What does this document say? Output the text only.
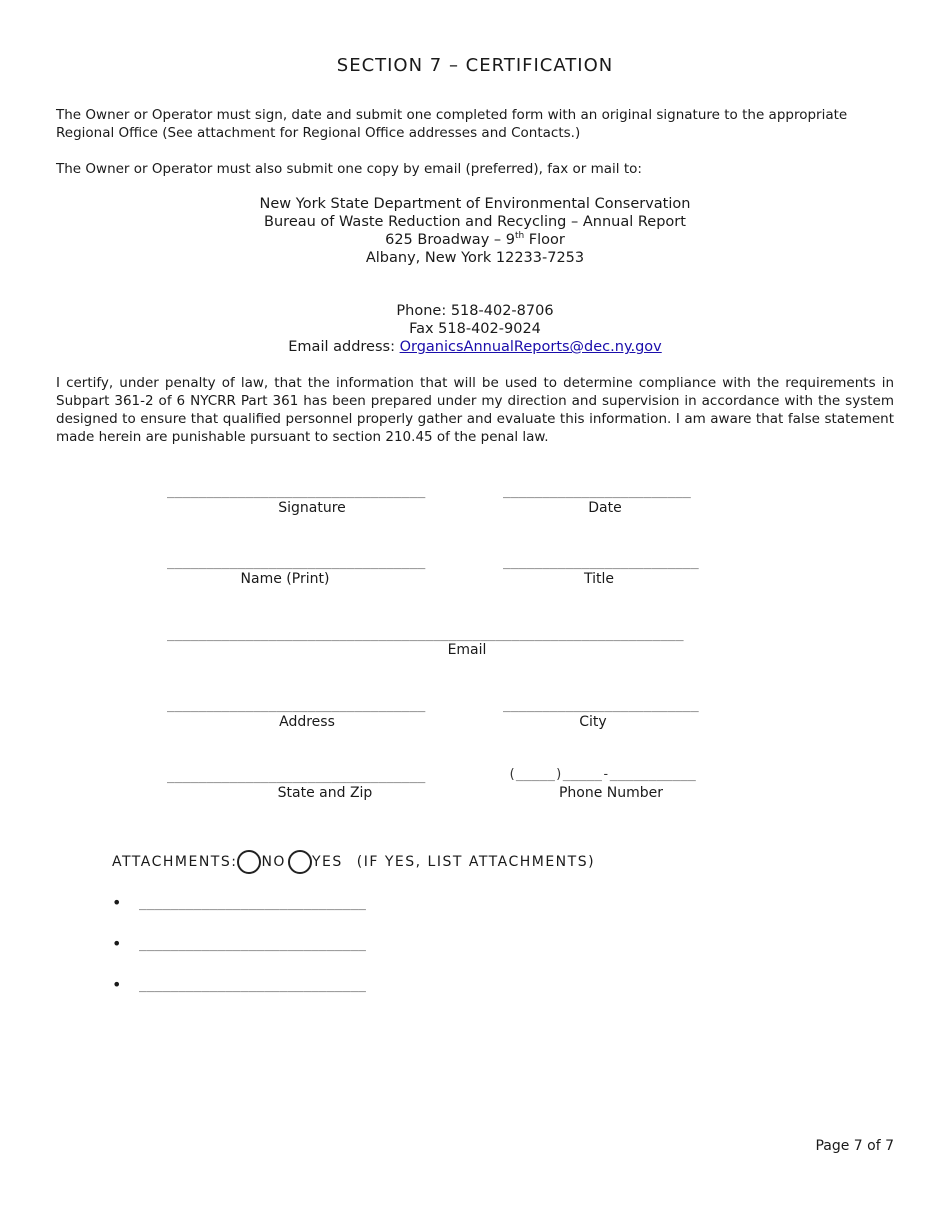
SECTION 7 – CERTIFICATION
The Owner or Operator must sign, date and submit one completed form with an original signature to the appropriate Regional Office (See attachment for Regional Office addresses and Contacts.)
The Owner or Operator must also submit one copy by email (preferred), fax or mail to:
New York State Department of Environmental Conservation
Bureau of Waste Reduction and Recycling – Annual Report
625 Broadway – 9th Floor
Albany, New York 12233-7253
Phone: 518-402-8706
Fax 518-402-9024
Email address: OrganicsAnnualReports@dec.ny.gov
I certify, under penalty of law, that the information that will be used to determine compliance with the requirements in Subpart 361-2 of 6 NYCRR Part 361 has been prepared under my direction and supervision in accordance with the system designed to ensure that qualified personnel properly gather and evaluate this information. I am aware that false statement made herein are punishable pursuant to section 210.45 of the penal law.
_________________________________
Signature
________________________
Date
_________________________________
Name (Print)
_________________________
Title
__________________________________________________________________
Email
_________________________________
Address
_________________________
City
_________________________________
State and Zip
(_____)_____-___________
Phone Number
ATTACHMENTS: NO YES (IF YES, LIST ATTACHMENTS)
• _____________________________
• _____________________________
• _____________________________
Page 7 of 7
